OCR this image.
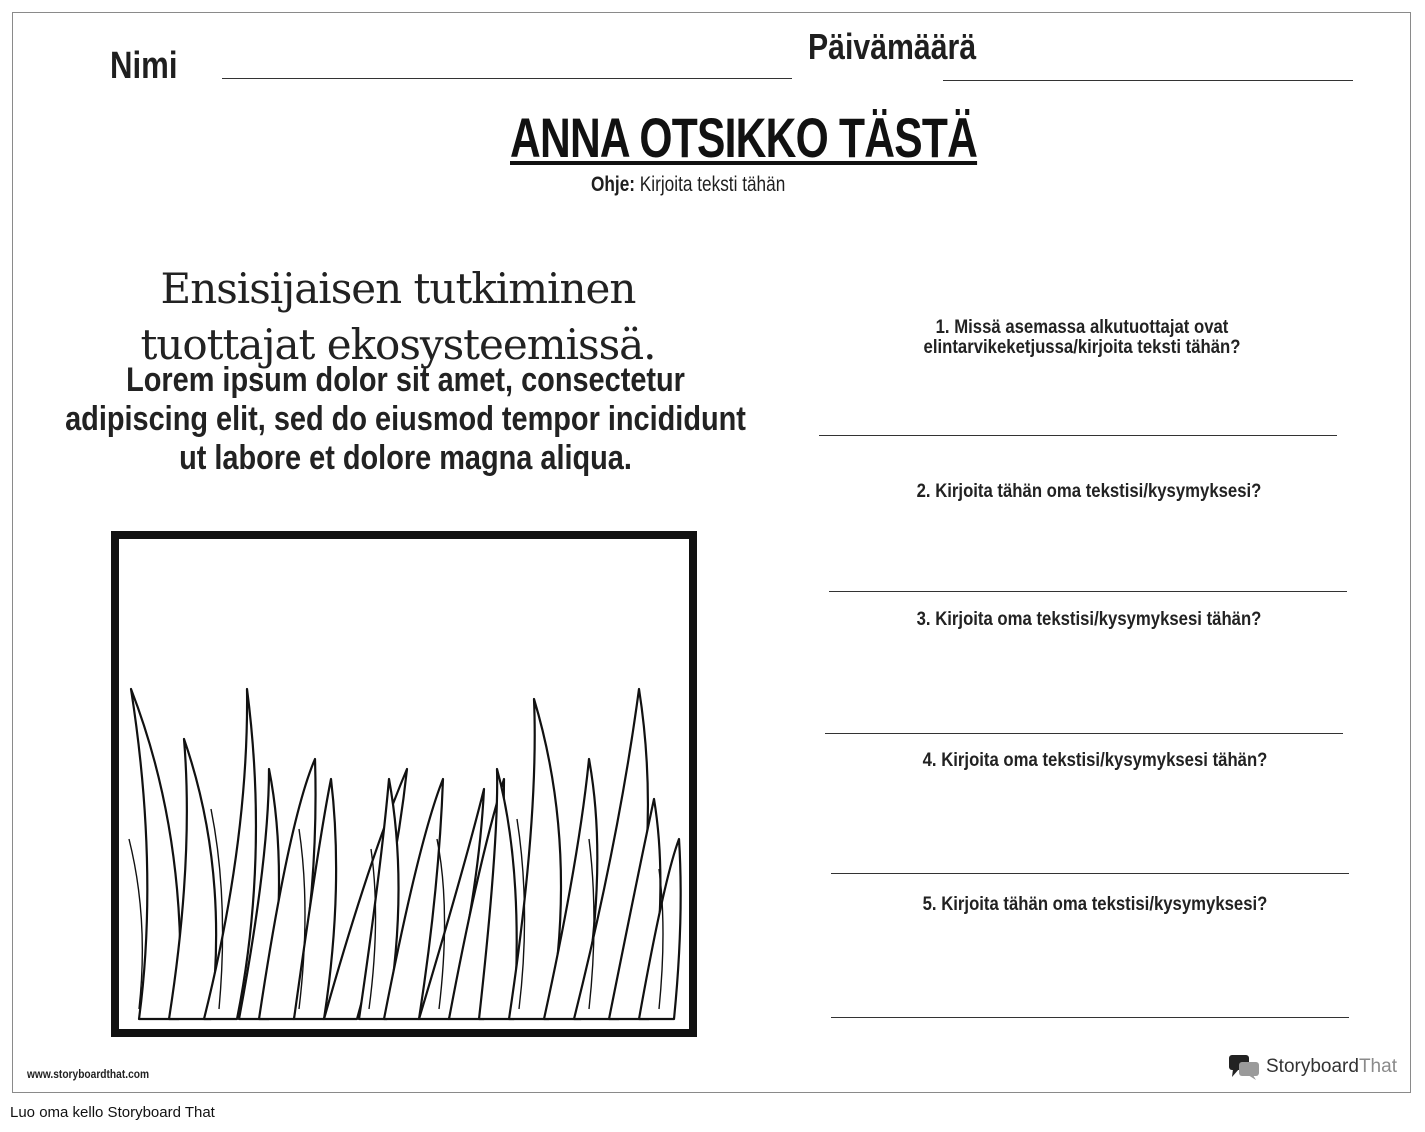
Nimi	Päivämäärä
ANNA OTSIKKO TÄSTÄ
Ohje: Kirjoita teksti tähän
Ensisijaisen tutkiminen
tuottajat ekosysteemissä.
Lorem ipsum dolor sit amet, consectetur adipiscing elit, sed do eiusmod tempor incididunt ut labore et dolore magna aliqua.
1. Missä asemassa alkutuottajat ovat elintarvikeketjussa/kirjoita teksti tähän?
2. Kirjoita tähän oma tekstisi/kysymyksesi?
3. Kirjoita oma tekstisi/kysymyksesi tähän?
4. Kirjoita oma tekstisi/kysymyksesi tähän?
5. Kirjoita tähän oma tekstisi/kysymyksesi?
www.storyboardthat.com	StoryboardThat
Luo oma kello Storyboard That
